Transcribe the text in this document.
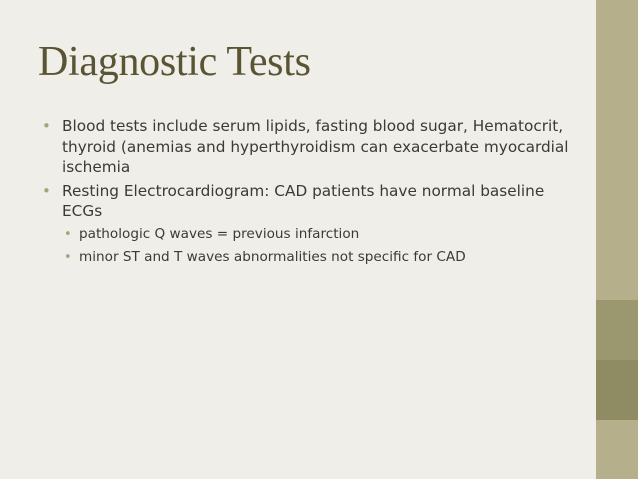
Diagnostic Tests
• Blood tests include serum lipids, fasting blood sugar, Hematocrit, thyroid (anemias and hyperthyroidism can exacerbate myocardial ischemia
• Resting Electrocardiogram: CAD patients have normal baseline ECGs
• pathologic Q waves = previous infarction
• minor ST and T waves abnormalities not specific for CAD
